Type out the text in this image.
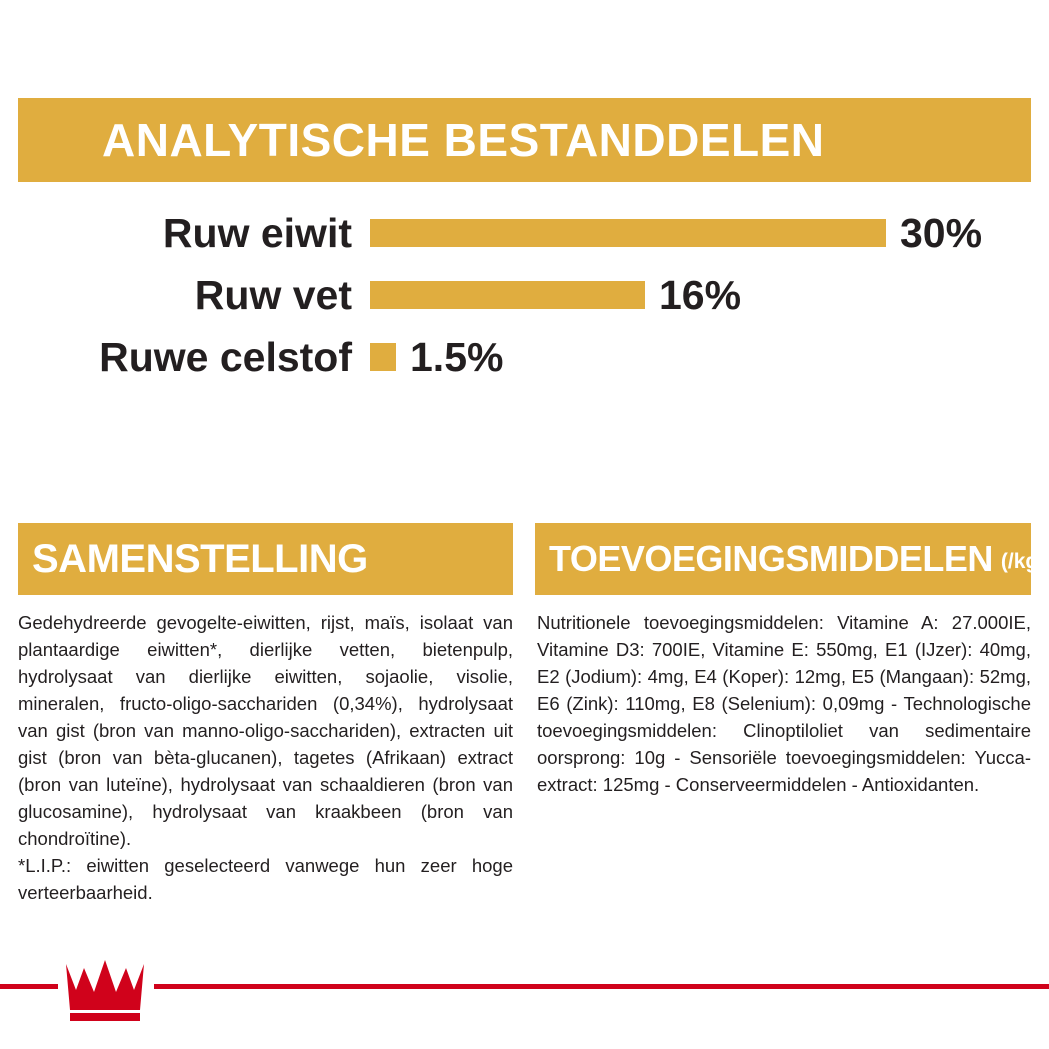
ANALYTISCHE BESTANDDELEN
Ruw eiwit	30%
Ruw vet	16%
Ruwe celstof	1.5%
SAMENSTELLING
Gedehydreerde gevogelte-eiwitten, rijst, maïs, isolaat van plantaardige eiwitten*, dierlijke vetten, bietenpulp, hydrolysaat van dierlijke eiwitten, sojaolie, visolie, mineralen, fructo-oligo-sacchariden (0,34%), hydrolysaat van gist (bron van manno-oligo-sacchariden), extracten uit gist (bron van bèta-glucanen), tagetes (Afrikaan) extract (bron van luteïne), hydrolysaat van schaaldieren (bron van glucosamine), hydrolysaat van kraakbeen (bron van chondroïtine).
*L.I.P.: eiwitten geselecteerd vanwege hun zeer hoge verteerbaarheid.
TOEVOEGINGSMIDDELEN (/kg)
Nutritionele toevoegingsmiddelen: Vitamine A: 27.000IE, Vitamine D3: 700IE, Vitamine E: 550mg, E1 (IJzer): 40mg, E2 (Jodium): 4mg, E4 (Koper): 12mg, E5 (Mangaan): 52mg, E6 (Zink): 110mg, E8 (Selenium): 0,09mg - Technologische toevoegingsmiddelen: Clinoptiloliet van sedimentaire oorsprong: 10g - Sensoriële toevoegingsmiddelen: Yucca-extract: 125mg - Conserveermiddelen - Antioxidanten.
